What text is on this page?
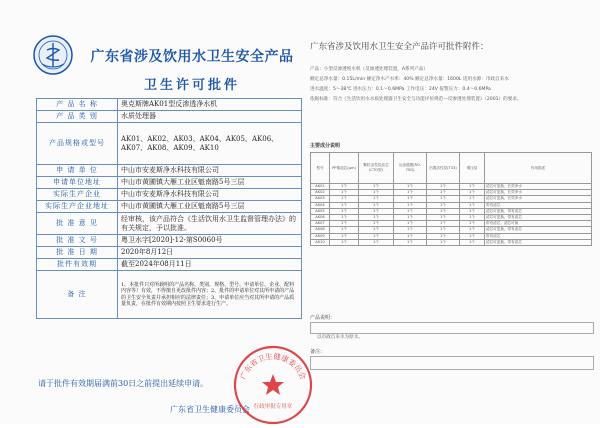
广东省涉及饮用水卫生安全产品
卫生许可批件
产 品 名 称	奥克斯牌AK01型反渗透净水机
产 品 类 别	水质处理器
产品规格或型号	AK01、AK02、AK03、AK04、AK05、AK06、AK07、AK08、AK09、AK10
申 请 单 位	中山市安麦斯净水科技有限公司
申请单位地址	中山市黄圃镇大雁工业区魁南路5号三层
实际生产企业	中山市安麦斯净水科技有限公司
实际生产企业地址	中山市黄圃镇大雁工业区魁南路5号三层
批 准 意 见	经审核，该产品符合《生活饮用水卫生监督管理办法》的有关规定，予以批准。
批 准 文 号	粤卫水字[2020]-12-第S0060号
批 准 日 期	2020年8月12日
批件有效期	截至2024年08月11日
备 注	1、本批件只对所载明的产品名称、类别、规格、型号、申请单位、企业、配料内容等）有效，不得擅自更改批件内容；2、批件的申请单位对其所申请的产品的卫生安全负责并承担相应的法律责任；3、申请单位应当对其所申请的产品质量负责，在批件有效期内按照卫生要求进行生产。
请于批件有效期届满前30日之前提出延续申请。
广东省卫生健康委员会
广东省卫生健康委员会
行政审批专用章
广东省涉及饮用水卫生安全产品许可批件附件：
产品：小型反渗透纯水机（反渗透处理装置，A系列产品）
额定总净水量：0.15L/min 额定净水产水率：40% 额定总净水量：1600L 适用水源：市政自来水
进水温度：5～38℃ 进水压力：0.1～0.6MPa 工作电压：24V 报警压力：0.4～0.6MPa
依据标准：符合《生活饮用水水质处理器卫生安全与功能评价规范—反渗透处理装置》（2001）的要求。
主要成分说明
型号	PP棉滤芯(μm)	颗粒活性炭滤芯(CTO型)	反渗透膜(RO-75G)	后置活性炭(T33)	增压泵	作用描述
AK01	1个	1个	1个	1个	1个	滤芯可更换，长效净水
AK02	1个	1个	1个	1个	1个	滤芯可更换，长效净水
AK03	1个	1个	1个	1个	1个	滤芯可更换，长效净水
AK04	1个	1个	1个	1个	1个	带有滤芯
AK05	1个	1个	1个	1个	1个	滤芯可更换，带有滤芯
AK06	1个	1个	1个	1个	1个	滤芯可更换，带有滤芯
AK07	1个	1个	1个	1个	1个	带有滤芯，滤芯可换
AK08	1个	1个	1个	1个	1个	滤芯可更换，带有滤芯
AK09	1个	1个	1个	1个	1个	带有滤芯
AK10	1个	1个	1个	1个	1个	滤芯可更换，带有滤芯
产品说明：
以市政自来水为原水。
备注：
